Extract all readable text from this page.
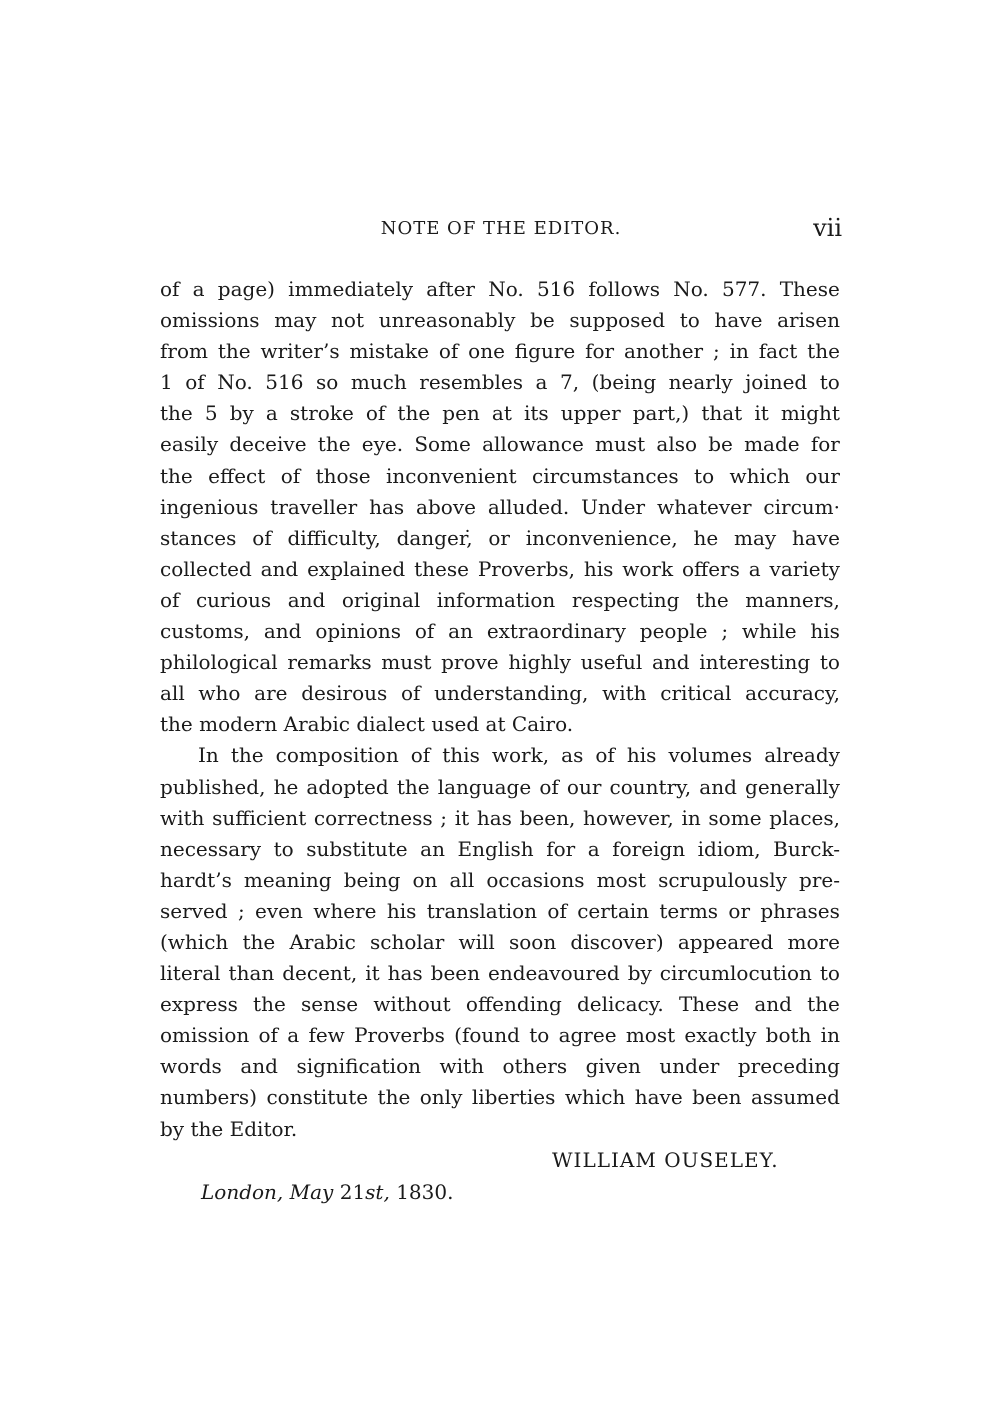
NOTE OF THE EDITOR.	vii
of a page) immediately after No. 516 follows No. 577. These
omissions may not unreasonably be supposed to have arisen
from the writer’s mistake of one figure for another ; in fact the
1 of No. 516 so much resembles a 7, (being nearly joined to
the 5 by a stroke of the pen at its upper part,) that it might
easily deceive the eye. Some allowance must also be made for
the effect of those inconvenient circumstances to which our
ingenious traveller has above alluded. Under whatever circum·
stances of difficulty, danger,̇ or inconvenience, he may have
collected and explained these Proverbs, his work offers a variety
of curious and original information respecting the manners,
customs, and opinions of an extraordinary people ; while his
philological remarks must prove highly useful and interesting to
all who are desirous of understanding, with critical accuracy,
the modern Arabic dialect used at Cairo.
In the composition of this work, as of his volumes already
published, he adopted the language of our country, and generally
with sufficient correctness ; it has been, however, in some places,
necessary to substitute an English for a foreign idiom, Burck-
hardt’s meaning being on all occasions most scrupulously pre-
served ; even where his translation of certain terms or phrases
(which the Arabic scholar will soon discover) appeared more
literal than decent, it has been endeavoured by circumlocution to
express the sense without offending delicacy. These and the
omission of a few Proverbs (found to agree most exactly both in
words and signification with others given under preceding
numbers) constitute the only liberties which have been assumed
by the Editor.
WILLIAM OUSELEY.
London, May 21st, 1830.
